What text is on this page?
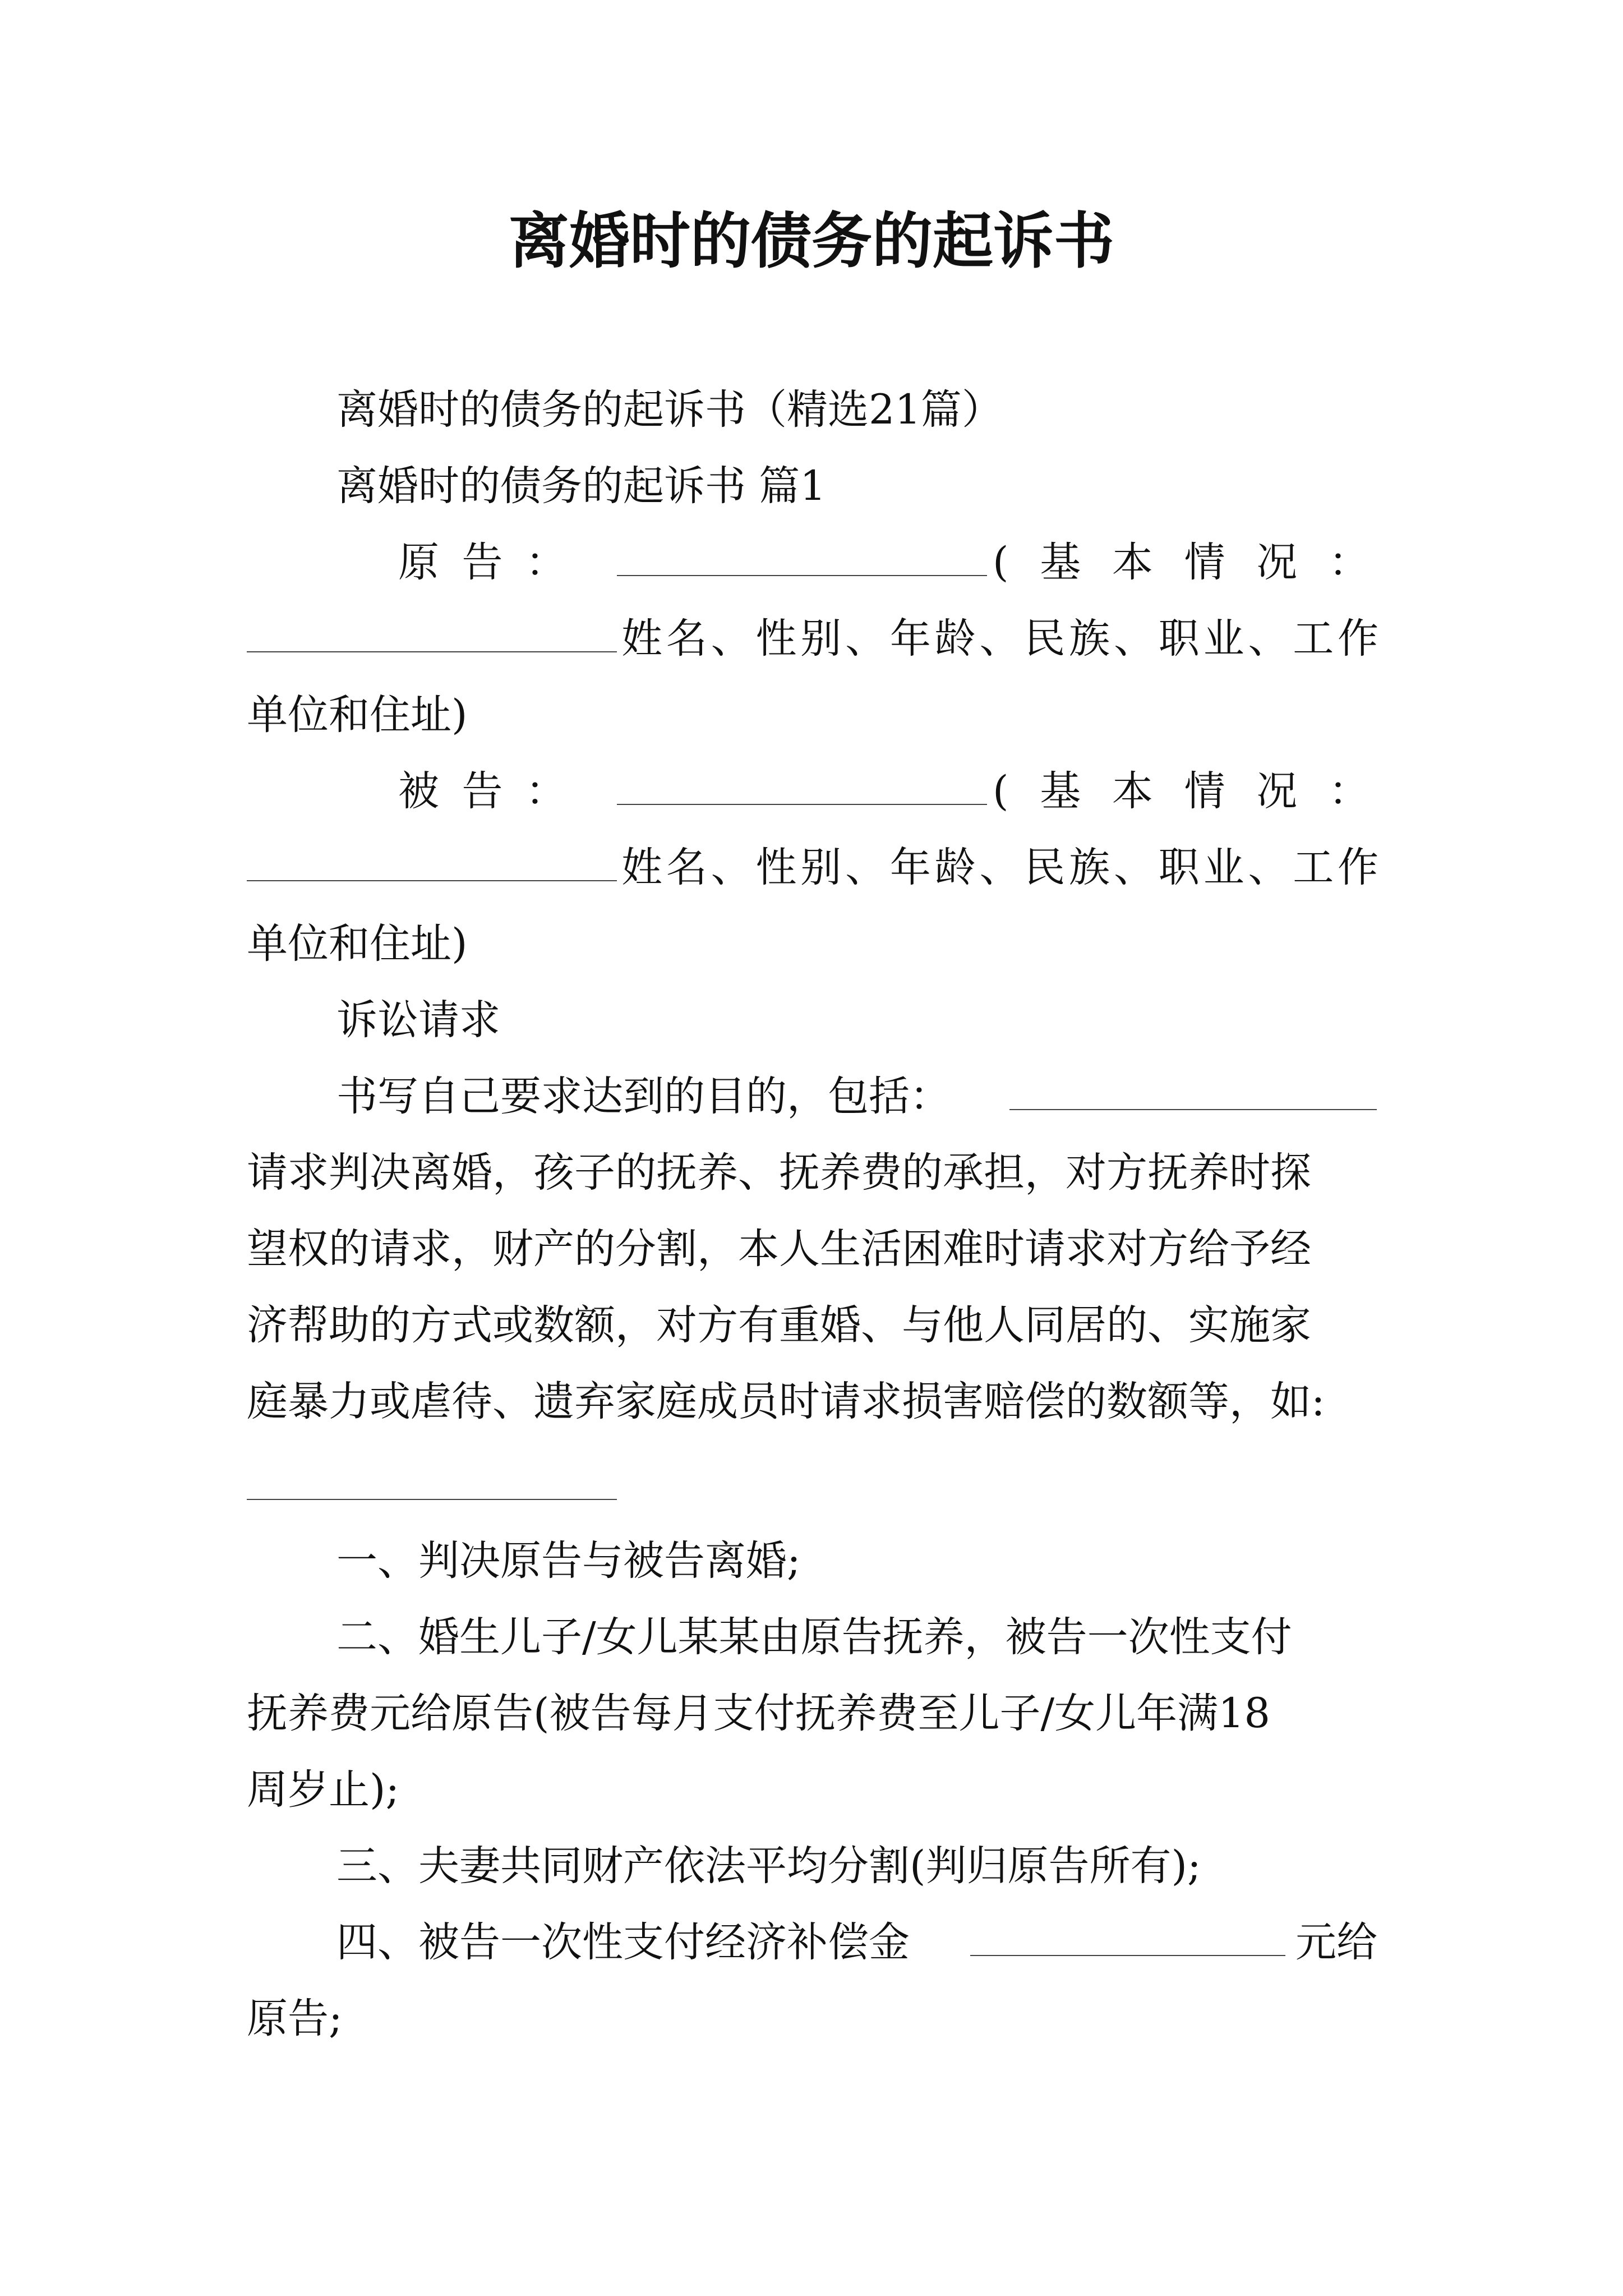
离婚时的债务的起诉书
离婚时的债务的起诉书（精选21篇）
离婚时的债务的起诉书 篇1
原 告 ：	( 基 本 情 况 ：
姓 名 、 性 别 、 年 龄 、 民 族 、 职 业 、 工 作
单位和住址)
被 告 ：	( 基 本 情 况 ：
姓 名 、 性 别 、 年 龄 、 民 族 、 职 业 、 工 作
单位和住址)
诉讼请求
书写自己要求达到的目的，包括：
请求判决离婚，孩子的抚养、抚养费的承担，对方抚养时探
望权的请求，财产的分割，本人生活困难时请求对方给予经
济帮助的方式或数额，对方有重婚、与他人同居的、实施家
庭暴力或虐待、遗弃家庭成员时请求损害赔偿的数额等，如:
一、判决原告与被告离婚;
二、婚生儿子/女儿某某由原告抚养，被告一次性支付
抚养费元给原告(被告每月支付抚养费至儿子/女儿年满18
周岁止);
三、夫妻共同财产依法平均分割(判归原告所有);
四、被告一次性支付经济补偿金	元给
原告;
